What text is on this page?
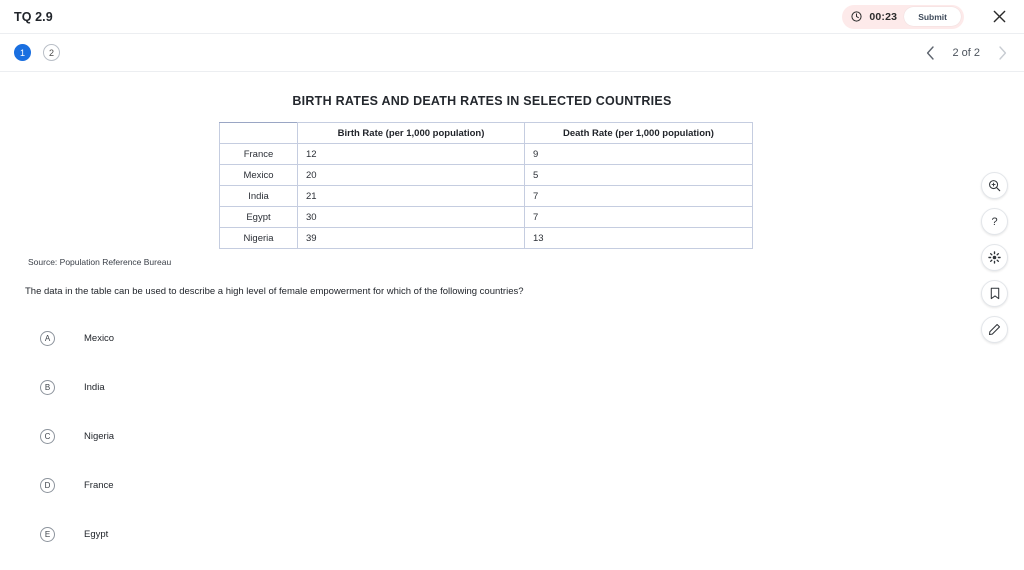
TQ 2.9	00:23	Submit
1	2	2 of 2
BIRTH RATES AND DEATH RATES IN SELECTED COUNTRIES
	Birth Rate (per 1,000 population)	Death Rate (per 1,000 population)
France	12	9
Mexico	20	5
India	21	7
Egypt	30	7
Nigeria	39	13
Source: Population Reference Bureau
The data in the table can be used to describe a high level of female empowerment for which of the following countries?
A	Mexico
B	India
C	Nigeria
D	France
E	Egypt
?
